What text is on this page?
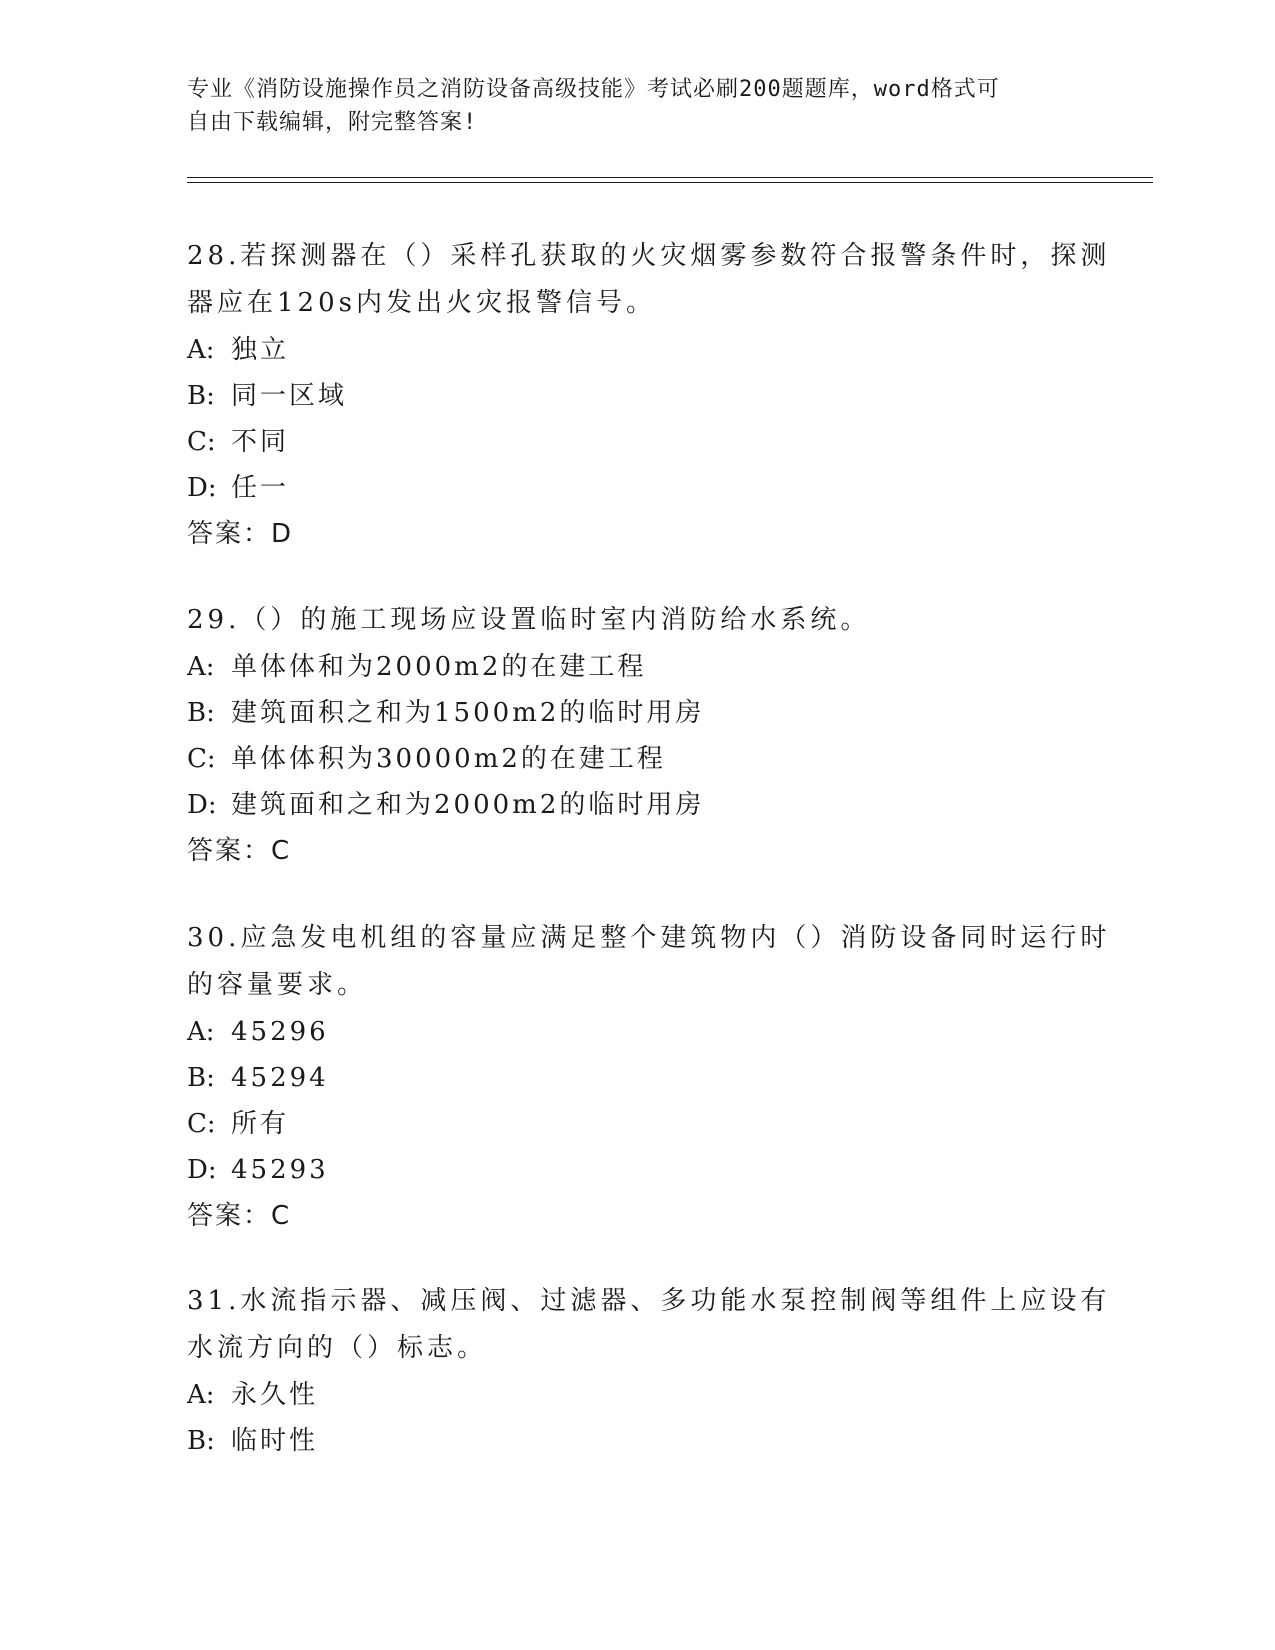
专业《消防设施操作员之消防设备高级技能》考试必刷200题题库，word格式可
自由下载编辑，附完整答案!
28.若探测器在（）采样孔获取的火灾烟雾参数符合报警条件时，探测
器应在120s内发出火灾报警信号。
A: 独立
B: 同一区域
C: 不同
D: 任一
答案：D
29.（）的施工现场应设置临时室内消防给水系统。
A: 单体体和为2000m2的在建工程
B: 建筑面积之和为1500m2的临时用房
C: 单体体积为30000m2的在建工程
D: 建筑面和之和为2000m2的临时用房
答案：C
30.应急发电机组的容量应满足整个建筑物内（）消防设备同时运行时
的容量要求。
A: 45296
B: 45294
C: 所有
D: 45293
答案：C
31.水流指示器、减压阀、过滤器、多功能水泵控制阀等组件上应设有
水流方向的（）标志。
A: 永久性
B: 临时性
